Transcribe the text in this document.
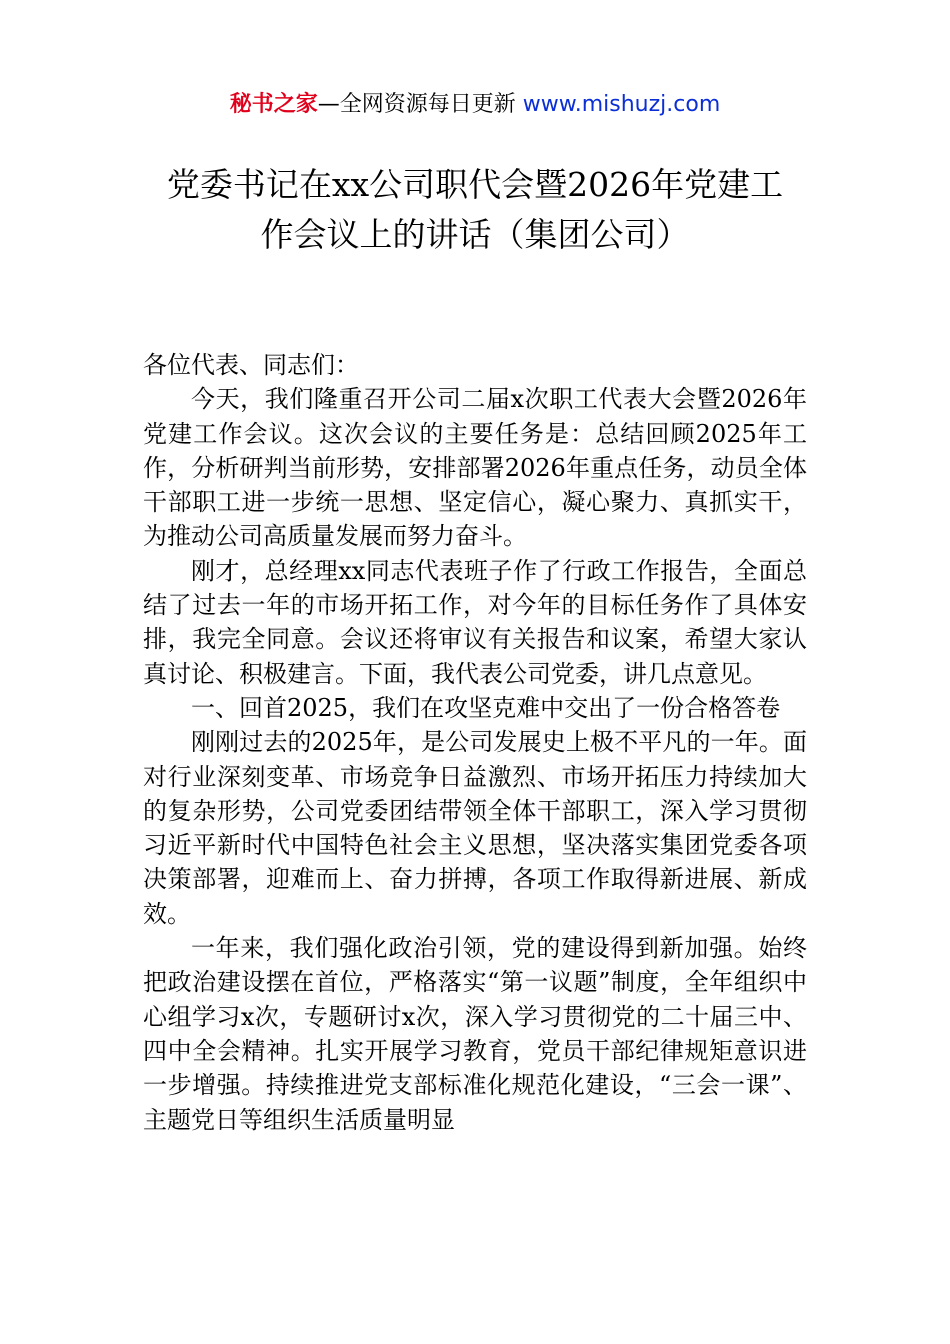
秘书之家—全网资源每日更新 www.mishuzj.com
党委书记在xx公司职代会暨2026年党建工
作会议上的讲话（集团公司）

各位代表、同志们：

今天，我们隆重召开公司二届x次职工代表大会暨2026年党建工作会议。这次会议的主要任务是：总结回顾2025年工作，分析研判当前形势，安排部署2026年重点任务，动员全体干部职工进一步统一思想、坚定信心，凝心聚力、真抓实干，为推动公司高质量发展而努力奋斗。

刚才，总经理xx同志代表班子作了行政工作报告，全面总结了过去一年的市场开拓工作，对今年的目标任务作了具体安排，我完全同意。会议还将审议有关报告和议案，希望大家认真讨论、积极建言。下面，我代表公司党委，讲几点意见。

一、回首2025，我们在攻坚克难中交出了一份合格答卷

刚刚过去的2025年，是公司发展史上极不平凡的一年。面对行业深刻变革、市场竞争日益激烈、市场开拓压力持续加大的复杂形势，公司党委团结带领全体干部职工，深入学习贯彻习近平新时代中国特色社会主义思想，坚决落实集团党委各项决策部署，迎难而上、奋力拼搏，各项工作取得新进展、新成效。

一年来，我们强化政治引领，党的建设得到新加强。始终把政治建设摆在首位，严格落实“第一议题”制度，全年组织中心组学习x次，专题研讨x次，深入学习贯彻党的二十届三中、四中全会精神。扎实开展学习教育，党员干部纪律规矩意识进一步增强。持续推进党支部标准化规范化建设，“三会一课”、主题党日等组织生活质量明显
